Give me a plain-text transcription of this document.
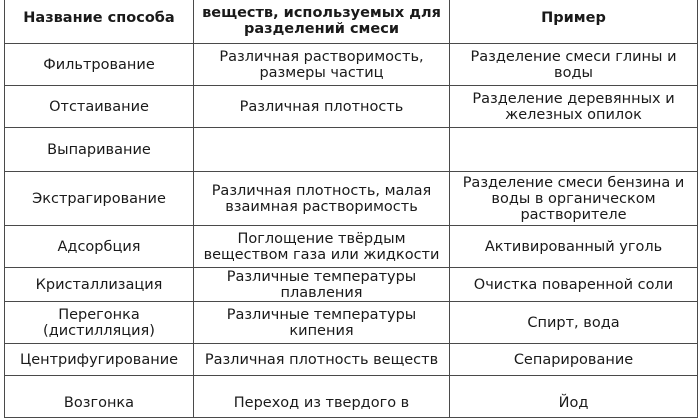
Название способа	веществ, используемых для разделений смеси	Пример

Фильтрование	Различная растворимость, размеры частиц	Разделение смеси глины и воды
Отстаивание	Различная плотность	Разделение деревянных и железных опилок
Выпаривание		
Экстрагирование	Различная плотность, малая взаимная растворимость	Разделение смеси бензина и воды в органическом растворителе
Адсорбция	Поглощение твёрдым веществом газа или жидкости	Активированный уголь
Кристаллизация	Различные температуры плавления	Очистка поваренной соли
Перегонка (дистилляция)	Различные температуры кипения	Спирт, вода
Центрифугирование	Различная плотность веществ	Сепарирование

Возгонка	Переход из твердого в	Йод
